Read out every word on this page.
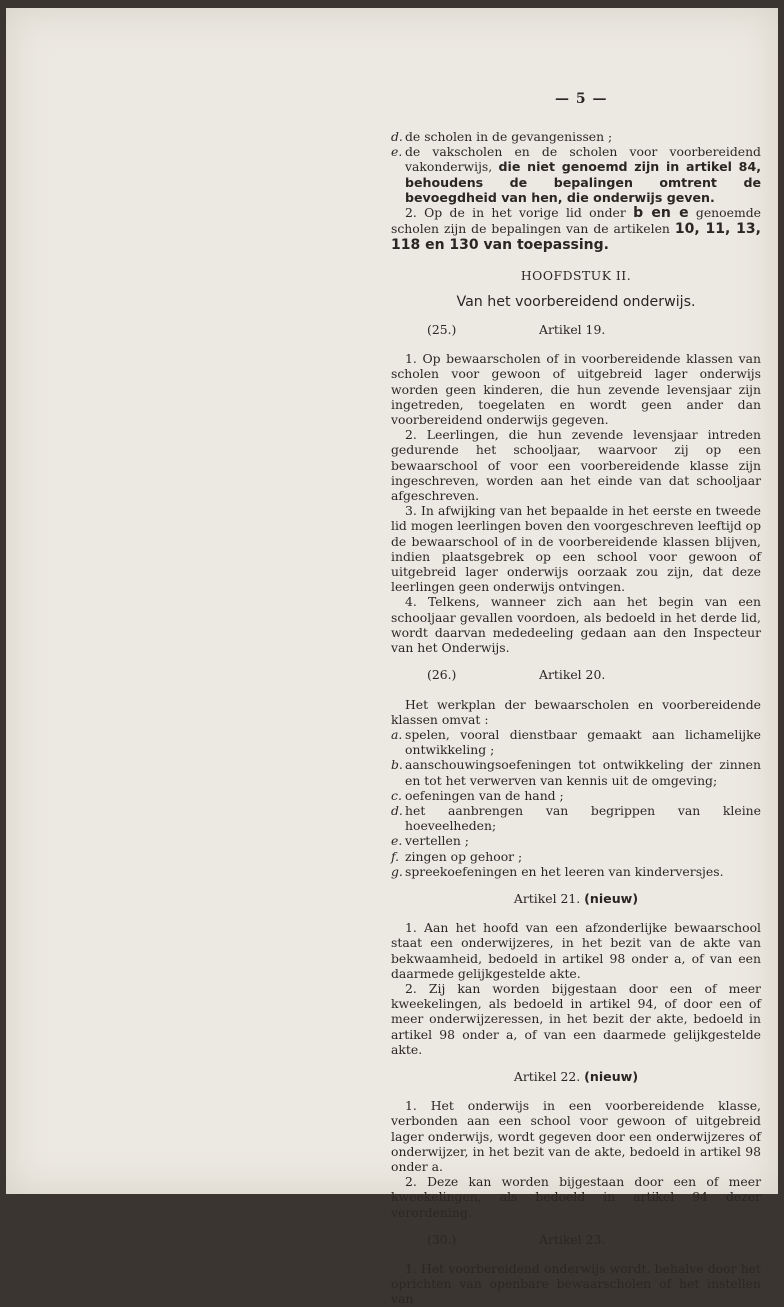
— 5 —

d. de scholen in de gevangenissen ;

e. de vakscholen en de scholen voor voorbereidend vakonderwijs, die niet genoemd zijn in artikel 84, behoudens de bepalingen omtrent de bevoegdheid van hen, die onderwijs geven.

2. Op de in het vorige lid onder b en e genoemde scholen zijn de bepalingen van de artikelen 10, 11, 13, 118 en 130 van toepassing.

HOOFDSTUK II.
Van het voorbereidend onderwijs.
(25.)	Artikel 19.

1. Op bewaarscholen of in voorbereidende klassen van scholen voor gewoon of uitgebreid lager onderwijs worden geen kinderen, die hun zevende levensjaar zijn ingetreden, toegelaten en wordt geen ander dan voorbereidend onderwijs gegeven.

2. Leerlingen, die hun zevende levensjaar intreden gedurende het schooljaar, waarvoor zij op een bewaarschool of voor een voorbereidende klasse zijn ingeschreven, worden aan het einde van dat schooljaar afgeschreven.

3. In afwijking van het bepaalde in het eerste en tweede lid mogen leerlingen boven den voorgeschreven leeftijd op de bewaarschool of in de voorbereidende klassen blijven, indien plaatsgebrek op een school voor gewoon of uitgebreid lager onderwijs oorzaak zou zijn, dat deze leerlingen geen onderwijs ontvingen.

4. Telkens, wanneer zich aan het begin van een schooljaar gevallen voordoen, als bedoeld in het derde lid, wordt daarvan mededeeling gedaan aan den Inspecteur van het Onderwijs.

(26.)	Artikel 20.

Het werkplan der bewaarscholen en voorbereidende klassen omvat :

a. spelen, vooral dienstbaar gemaakt aan lichamelijke ontwikkeling ;

b. aanschouwingsoefeningen tot ontwikkeling der zinnen en tot het verwerven van kennis uit de omgeving;

c. oefeningen van de hand ;

d. het aanbrengen van begrippen van kleine hoeveelheden;

e. vertellen ;

f. zingen op gehoor ;

g. spreekoefeningen en het leeren van kinderversjes.

Artikel 21. (nieuw)

1. Aan het hoofd van een afzonderlijke bewaarschool staat een onderwijzeres, in het bezit van de akte van bekwaamheid, bedoeld in artikel 98 onder a, of van een daarmede gelijkgestelde akte.

2. Zij kan worden bijgestaan door een of meer kweekelingen, als bedoeld in artikel 94, of door een of meer onderwijzeressen, in het bezit der akte, bedoeld in artikel 98 onder a, of van een daarmede gelijkgestelde akte.

Artikel 22. (nieuw)

1. Het onderwijs in een voorbereidende klasse, verbonden aan een school voor gewoon of uitgebreid lager onderwijs, wordt gegeven door een onderwijzeres of onderwijzer, in het bezit van de akte, bedoeld in artikel 98 onder a.

2. Deze kan worden bijgestaan door een of meer kweekelingen, als bedoeld in artikel 94 dezer verordening.

(30.)	Artikel 23.

1. Het voorbereidend onderwijs wordt, behalve door het oprichten van openbare bewaarscholen of het instellen van
